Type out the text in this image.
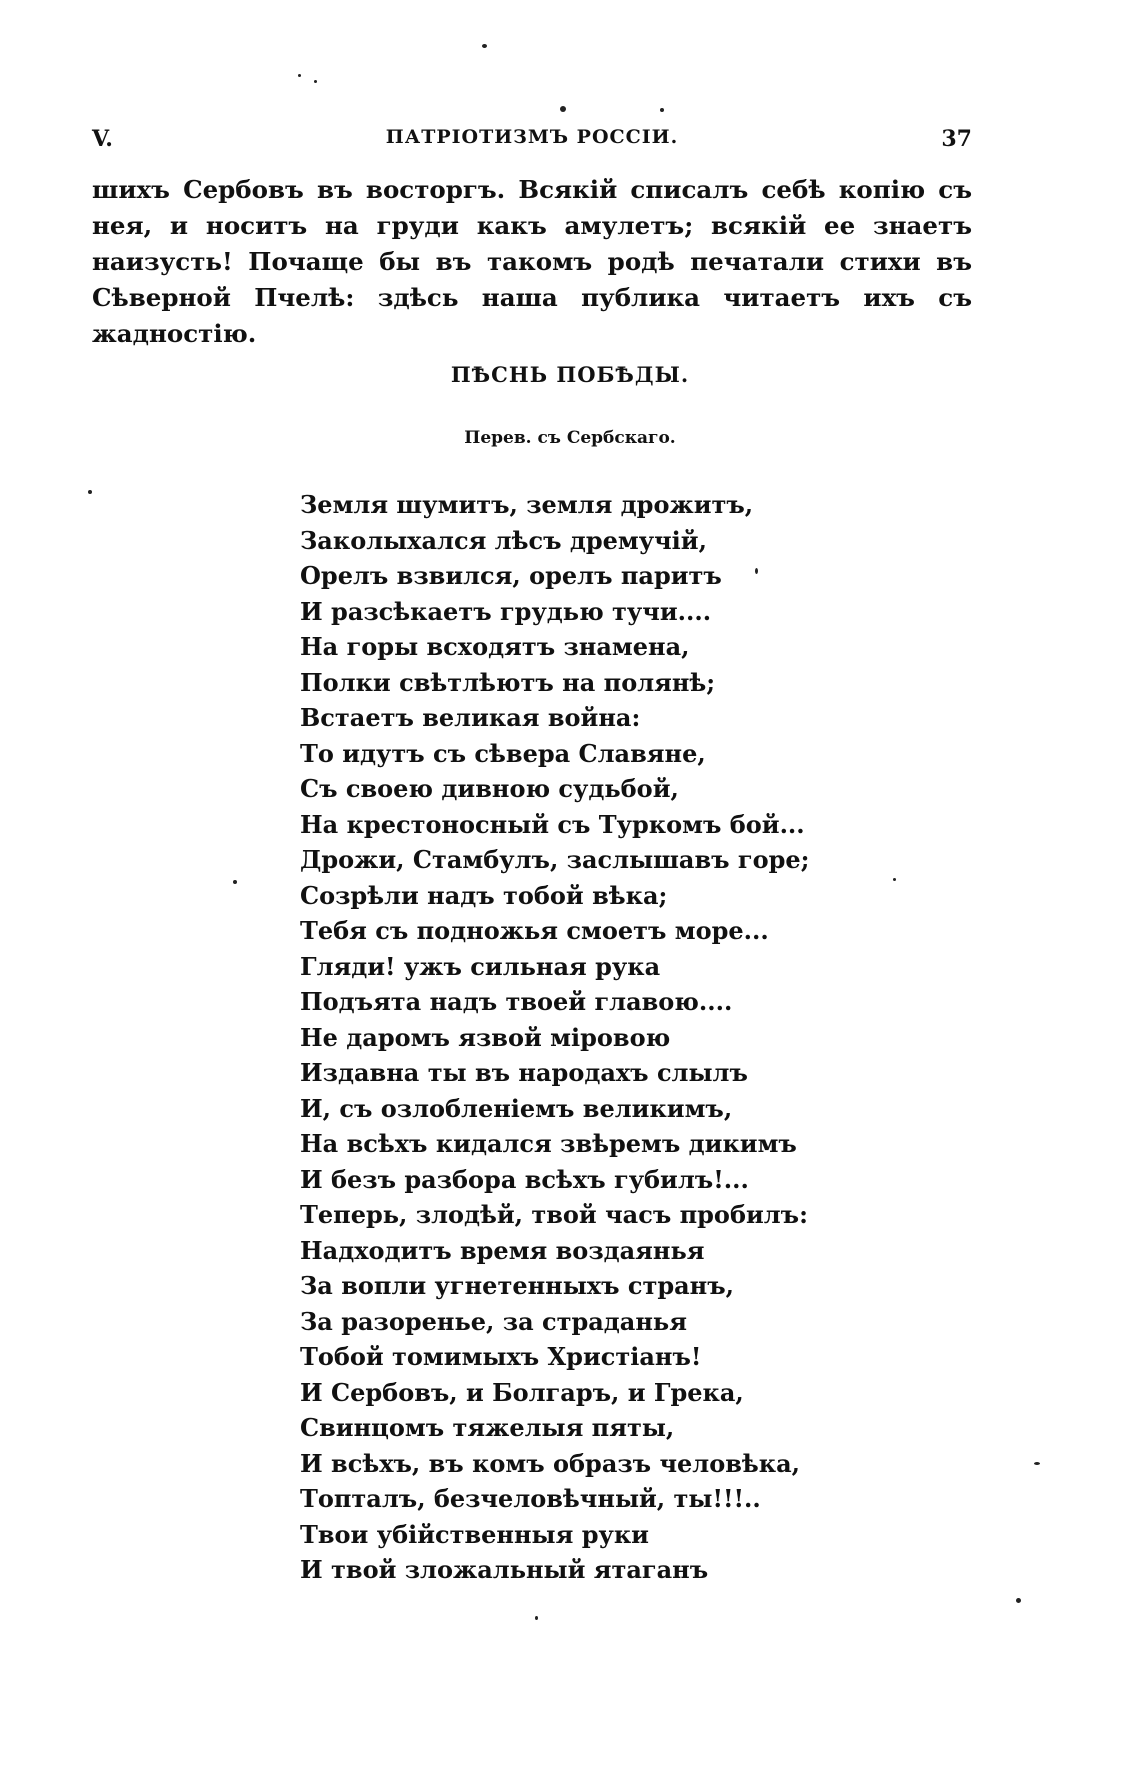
V.	ПАТРІОТИЗМЪ РОССІИ.	37

шихъ Сербовъ въ восторгъ. Всякій списалъ себѣ копію съ нея, и носитъ на груди какъ амулетъ; всякій ее знаетъ наизусть! Почаще бы въ такомъ родѣ печатали стихи въ Сѣверной Пчелѣ: здѣсь наша публика читаетъ ихъ съ жадностію.

ПѢСНЬ ПОБѢДЫ.
Перев. съ Сербскаго.
Земля шумитъ, земля дрожитъ,
Заколыхался лѣсъ дремучій,
Орелъ взвился, орелъ паритъ
И разсѣкаетъ грудью тучи....
На горы всходятъ знамена,
Полки свѣтлѣютъ на полянѣ;
Встаетъ великая война:
То идутъ съ сѣвера Славяне,
Съ своею дивною судьбой,
На крестоносный съ Туркомъ бой...
Дрожи, Стамбулъ, заслышавъ горе;
Созрѣли надъ тобой вѣка;
Тебя съ подножья смоетъ море...
Гляди! ужъ сильная рука
Подъята надъ твоей главою....
Не даромъ язвой міровою
Издавна ты въ народахъ слылъ
И, съ озлобленіемъ великимъ,
На всѣхъ кидался звѣремъ дикимъ
И безъ разбора всѣхъ губилъ!...
Теперь, злодѣй, твой часъ пробилъ:
Надходитъ время воздаянья
За вопли угнетенныхъ странъ,
За разоренье, за страданья
Тобой томимыхъ Христіанъ!
И Сербовъ, и Болгаръ, и Грека,
Свинцомъ тяжелыя пяты,
И всѣхъ, въ комъ образъ человѣка,
Топталъ, безчеловѣчный, ты!!!..
Твои убійственныя руки
И твой зложальный ятаганъ
